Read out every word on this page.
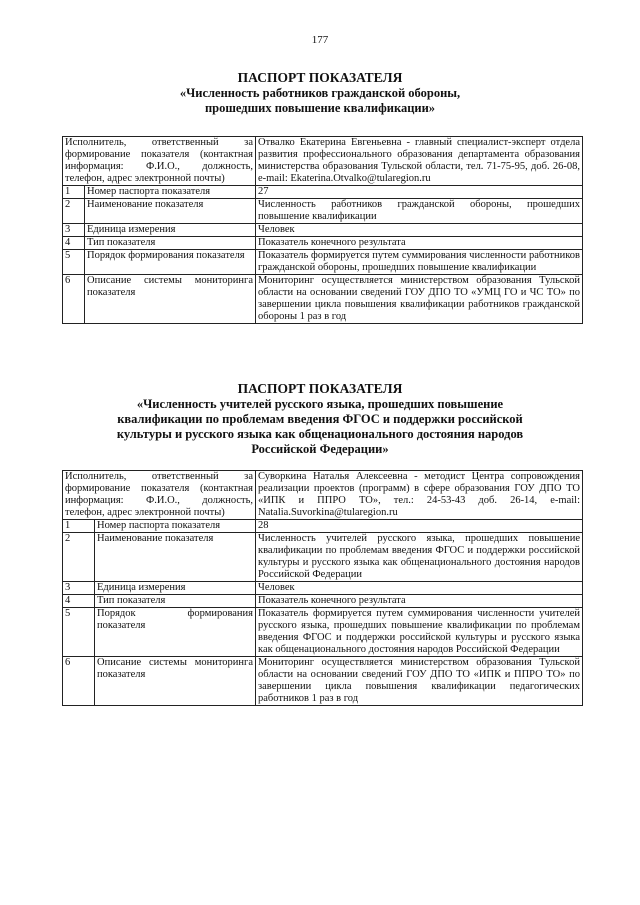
177
ПАСПОРТ ПОКАЗАТЕЛЯ
«Численность работников гражданской обороны,
прошедших повышение квалификации»
Исполнитель, ответственный за формирование показателя (контактная информация: Ф.И.О., должность, телефон, адрес электронной почты)		Отвалко Екатерина Евгеньевна - главный специалист-эксперт отдела развития профессионального образования департамента образования министерства образования Тульской области, тел. 71-75-95, доб. 26-08, e-mail: Ekaterina.Otvalko@tularegion.ru
1	Номер паспорта показателя	27
2	Наименование показателя	Численность работников гражданской обороны, прошедших повышение квалификации
3	Единица измерения	Человек
4	Тип показателя	Показатель конечного результата
5	Порядок формирования показателя	Показатель формируется путем суммирования численности работников гражданской обороны, прошедших повышение квалификации
6	Описание системы мониторинга показателя	Мониторинг осуществляется министерством образования Тульской области на основании сведений ГОУ ДПО ТО «УМЦ ГО и ЧС ТО» по завершении цикла повышения квалификации работников гражданской обороны 1 раз в год
ПАСПОРТ ПОКАЗАТЕЛЯ
«Численность учителей русского языка, прошедших повышение
квалификации по проблемам введения ФГОС и поддержки российской
культуры и русского языка как общенационального достояния народов
Российской Федерации»
Исполнитель, ответственный за формирование показателя (контактная информация: Ф.И.О., должность, телефон, адрес электронной почты)		Суворкина Наталья Алексеевна - методист Центра сопровождения реализации проектов (программ) в сфере образования ГОУ ДПО ТО «ИПК и ППРО ТО», тел.: 24-53-43 доб. 26-14, e-mail: Natalia.Suvorkina@tularegion.ru
1	Номер паспорта показателя	28
2	Наименование показателя	Численность учителей русского языка, прошедших повышение квалификации по проблемам введения ФГОС и поддержки российской культуры и русского языка как общенационального достояния народов Российской Федерации
3	Единица измерения	Человек
4	Тип показателя	Показатель конечного результата
5	Порядок формирования показателя	Показатель формируется путем суммирования численности учителей русского языка, прошедших повышение квалификации по проблемам введения ФГОС и поддержки российской культуры и русского языка как общенационального достояния народов Российской Федерации
6	Описание системы мониторинга показателя	Мониторинг осуществляется министерством образования Тульской области на основании сведений ГОУ ДПО ТО «ИПК и ППРО ТО» по завершении цикла повышения квалификации педагогических работников 1 раз в год
